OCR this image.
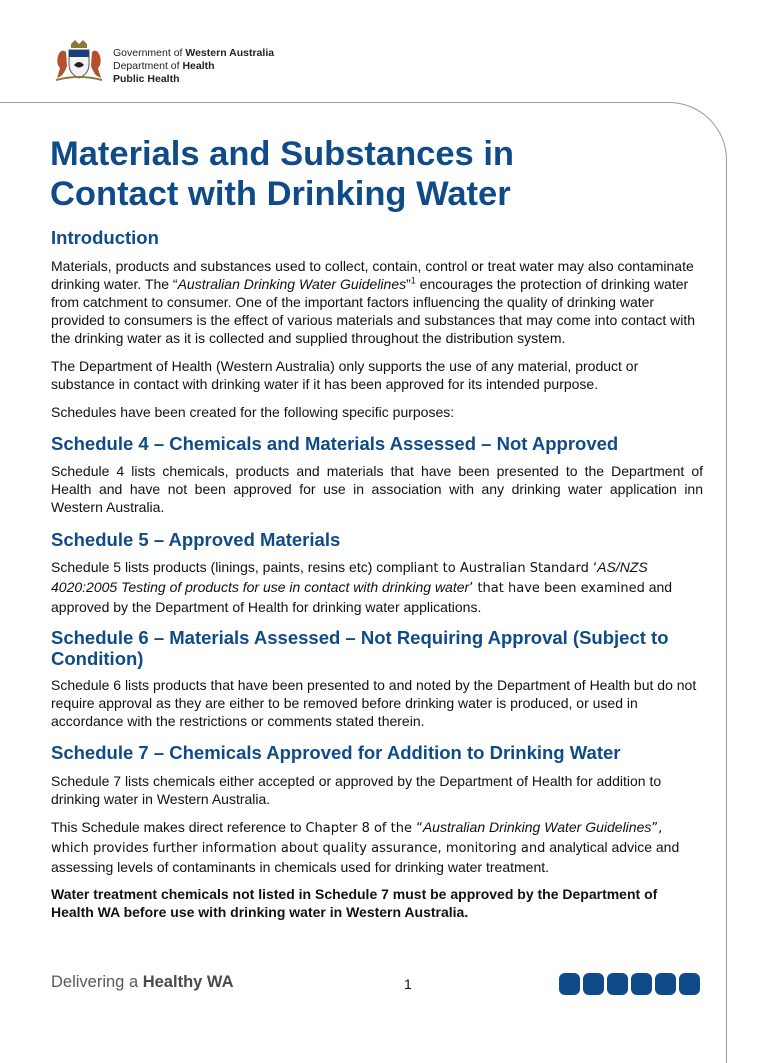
Government of Western Australia
Department of Health
Public Health
Materials and Substances in
Contact with Drinking Water
Introduction

Materials, products and substances used to collect, contain, control or treat water may also contaminate drinking water. The “Australian Drinking Water Guidelines”$^1$ encourages the protection of drinking water from catchment to consumer. One of the important factors influencing the quality of drinking water provided to consumers is the effect of various materials and substances that may come into contact with the drinking water as it is collected and supplied throughout the distribution system.

The Department of Health (Western Australia) only supports the use of any material, product or substance in contact with drinking water if it has been approved for its intended purpose.

Schedules have been created for the following specific purposes:

Schedule 4 – Chemicals and Materials Assessed – Not Approved

Schedule 4 lists chemicals, products and materials that have been presented to the Department of Health and have not been approved for use in association with any drinking water application inn Western Australia.

Schedule 5 – Approved Materials

Schedule 5 lists products (linings, paints, resins etc) compliant to Australian Standard ‘AS/NZS 4020:2005 Testing of products for use in contact with drinking water’ that have been examined and approved by the Department of Health for drinking water applications.

Schedule 6 – Materials Assessed – Not Requiring Approval (Subject to Condition)

Schedule 6 lists products that have been presented to and noted by the Department of Health but do not require approval as they are either to be removed before drinking water is produced, or used in accordance with the restrictions or comments stated therein.

Schedule 7 – Chemicals Approved for Addition to Drinking Water

Schedule 7 lists chemicals either accepted or approved by the Department of Health for addition to drinking water in Western Australia.

This Schedule makes direct reference to Chapter 8 of the “Australian Drinking Water Guidelines”, which provides further information about quality assurance, monitoring and analytical advice and assessing levels of contaminants in chemicals used for drinking water treatment.

Water treatment chemicals not listed in Schedule 7 must be approved by the Department of Health WA before use with drinking water in Western Australia.

Delivering a Healthy WA	1
